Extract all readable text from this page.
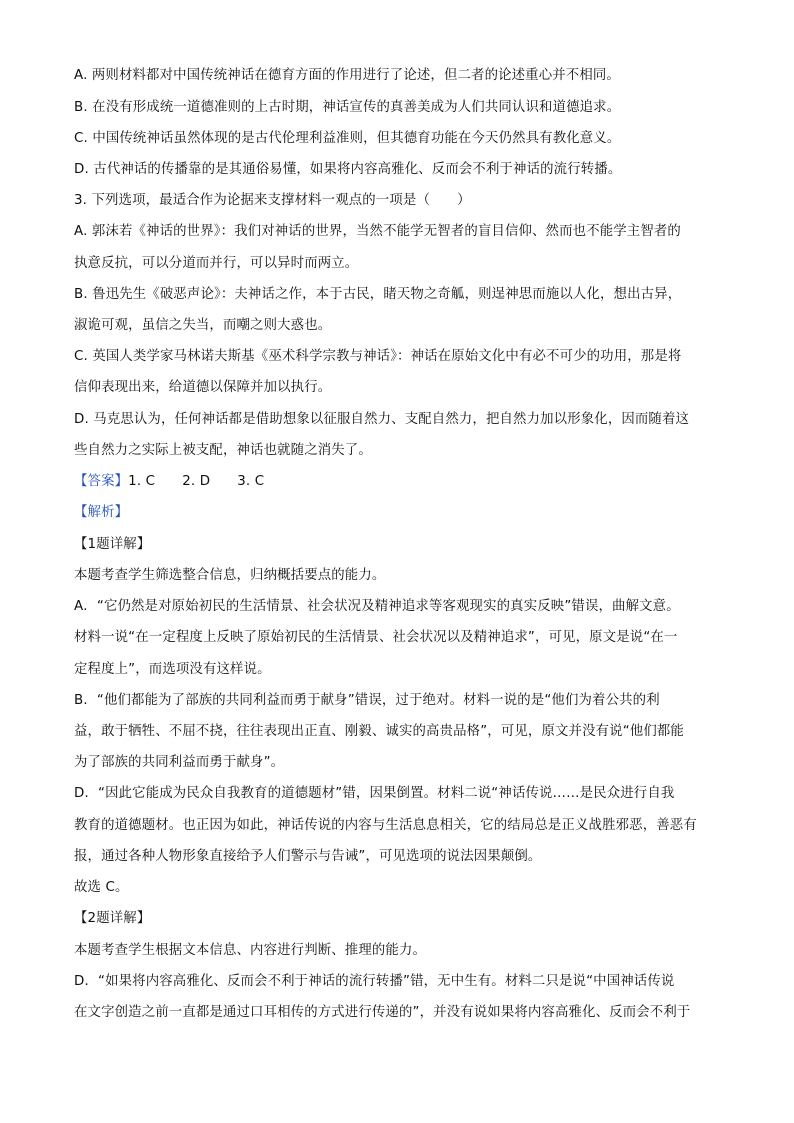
A. 两则材料都对中国传统神话在德育方面的作用进行了论述，但二者的论述重心并不相同。
B. 在没有形成统一道德准则的上古时期，神话宣传的真善美成为人们共同认识和道德追求。
C. 中国传统神话虽然体现的是古代伦理利益准则，但其德育功能在今天仍然具有教化意义。
D. 古代神话的传播靠的是其通俗易懂，如果将内容高雅化、反而会不利于神话的流行转播。
3. 下列选项，最适合作为论据来支撑材料一观点的一项是（　　）
A. 郭沫若《神话的世界》：我们对神话的世界，当然不能学无智者的盲目信仰、然而也不能学主智者的
执意反抗，可以分道而并行，可以异时而两立。
B. 鲁迅先生《破恶声论》：夫神话之作，本于古民，睹天物之奇觚，则逞神思而施以人化，想出古异，
淑诡可观，虽信之失当，而嘲之则大惑也。
C. 英国人类学家马林诺夫斯基《巫术科学宗教与神话》：神话在原始文化中有必不可少的功用，那是将
信仰表现出来，给道德以保障并加以执行。
D. 马克思认为，任何神话都是借助想象以征服自然力、支配自然力，把自然力加以形象化，因而随着这
些自然力之实际上被支配，神话也就随之消失了。
【答案】1. C　　2. D　　3. C
【解析】
【1题详解】
本题考查学生筛选整合信息，归纳概括要点的能力。
A．“它仍然是对原始初民的生活情景、社会状况及精神追求等客观现实的真实反映”错误，曲解文意。
材料一说“在一定程度上反映了原始初民的生活情景、社会状况以及精神追求”，可见，原文是说“在一
定程度上”，而选项没有这样说。
B．“他们都能为了部族的共同利益而勇于献身”错误，过于绝对。材料一说的是“他们为着公共的利
益，敢于牺牲、不屈不挠，往往表现出正直、刚毅、诚实的高贵品格”，可见，原文并没有说“他们都能
为了部族的共同利益而勇于献身”。
D．“因此它能成为民众自我教育的道德题材”错，因果倒置。材料二说“神话传说……是民众进行自我
教育的道德题材。也正因为如此，神话传说的内容与生活息息相关，它的结局总是正义战胜邪恶，善恶有
报，通过各种人物形象直接给予人们警示与告诫”，可见选项的说法因果颠倒。
故选 C。
【2题详解】
本题考查学生根据文本信息、内容进行判断、推理的能力。
D．“如果将内容高雅化、反而会不利于神话的流行转播”错，无中生有。材料二只是说“中国神话传说
在文字创造之前一直都是通过口耳相传的方式进行传递的”，并没有说如果将内容高雅化、反而会不利于
